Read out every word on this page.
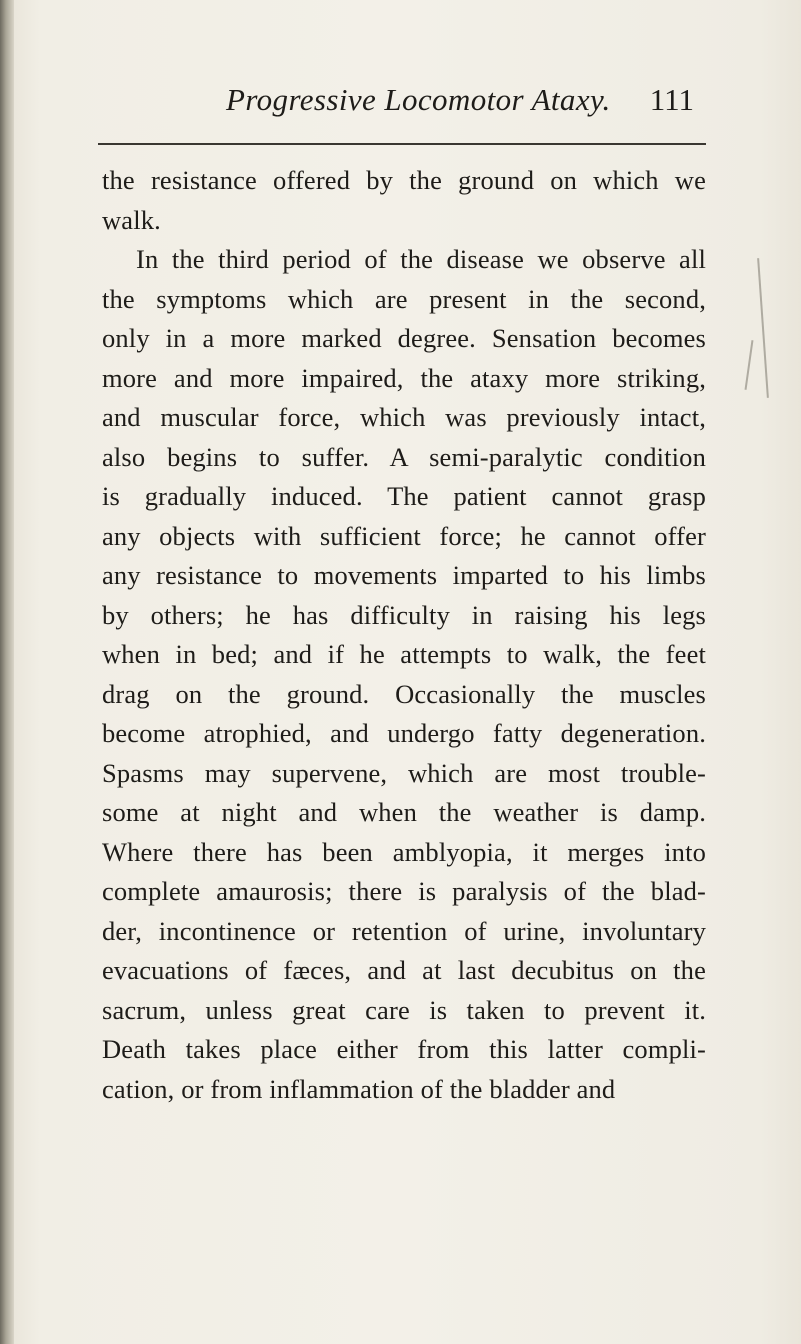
Progressive Locomotor Ataxy. 111
the resistance offered by the ground on which we
walk.
In the third period of the disease we observe all
the symptoms which are present in the second,
only in a more marked degree. Sensation becomes
more and more impaired, the ataxy more striking,
and muscular force, which was previously intact,
also begins to suffer. A semi-paralytic condition
is gradually induced. The patient cannot grasp
any objects with sufficient force; he cannot offer
any resistance to movements imparted to his limbs
by others; he has difficulty in raising his legs
when in bed; and if he attempts to walk, the feet
drag on the ground. Occasionally the muscles
become atrophied, and undergo fatty degeneration.
Spasms may supervene, which are most trouble-
some at night and when the weather is damp.
Where there has been amblyopia, it merges into
complete amaurosis; there is paralysis of the blad-
der, incontinence or retention of urine, involuntary
evacuations of fæces, and at last decubitus on the
sacrum, unless great care is taken to prevent it.
Death takes place either from this latter compli-
cation, or from inflammation of the bladder and
